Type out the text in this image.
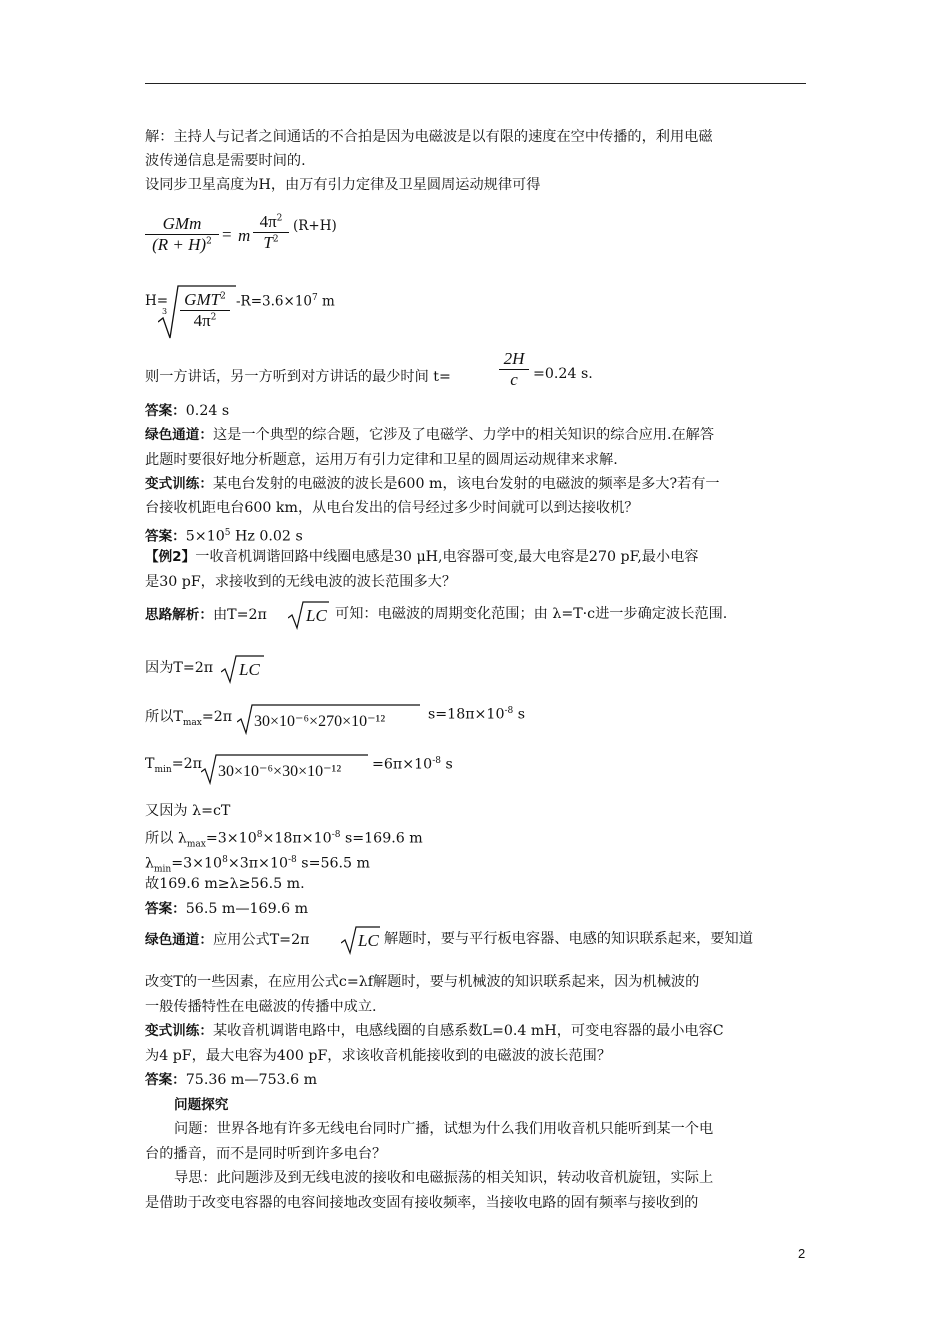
解：主持人与记者之间通话的不合拍是因为电磁波是以有限的速度在空中传播的，利用电磁
波传递信息是需要时间的.
设同步卫星高度为H，由万有引力定律及卫星圆周运动规律可得
GMm
$(R + H)^2 = m$
$4\pi^2$
$T^2$
(R+H)
H=
3
GMT$^2$
$4\pi^2$
$-R=3.6\times 10^7$ m
则一方讲话，另一方听到对方讲话的最少时间 t=
2H
c	=0.24 s.
答案：0.24 s
绿色通道：这是一个典型的综合题，它涉及了电磁学、力学中的相关知识的综合应用.在解答
此题时要很好地分析题意，运用万有引力定律和卫星的圆周运动规律来求解.
变式训练：某电台发射的电磁波的波长是600 m，该电台发射的电磁波的频率是多大?若有一
台接收机距电台600 km，从电台发出的信号经过多少时间就可以到达接收机？
答案：$5\times 10^5$ Hz 0.02 s
【例2】一收音机调谐回路中线圈电感是30 μH,电容器可变,最大电容是270 pF,最小电容
是30 pF，求接收到的无线电波的波长范围多大？
思路解析：由T=2π LC 可知：电磁波的周期变化范围；由 λ=T·c进一步确定波长范围.
因为T=2π LC
所以$T_{max}=2\pi$ 30×10⁻⁶×270×10⁻¹²	$s=18\pi\times 10^{-8}$ s
$T_{min}=2\pi$ $30\times 10^{-6}\times 30\times 10^{-12} =6\pi\times 10^{-8}$ s
又因为 λ=cT
所以 $\lambda_{max}=3\times 10^8\times 18\pi\times 10^{-8}$ s=169.6 m
$\lambda_{min}=3\times 10^8\times 3\pi\times 10^{-8}$ s=56.5 m
故169.6 m≥λ≥56.5 m.
答案：56.5 m—169.6 m
绿色通道：应用公式T=2π	LC 解题时，要与平行板电容器、电感的知识联系起来，要知道
改变T的一些因素，在应用公式c=λf解题时，要与机械波的知识联系起来，因为机械波的
一般传播特性在电磁波的传播中成立.
变式训练：某收音机调谐电路中，电感线圈的自感系数L=0.4 mH，可变电容器的最小电容C
为4 pF，最大电容为400 pF，求该收音机能接收到的电磁波的波长范围？
答案：75.36 m—753.6 m
问题探究
问题：世界各地有许多无线电台同时广播，试想为什么我们用收音机只能听到某一个电
台的播音，而不是同时听到许多电台？
导思：此问题涉及到无线电波的接收和电磁振荡的相关知识，转动收音机旋钮，实际上
是借助于改变电容器的电容间接地改变固有接收频率，当接收电路的固有频率与接收到的
2
